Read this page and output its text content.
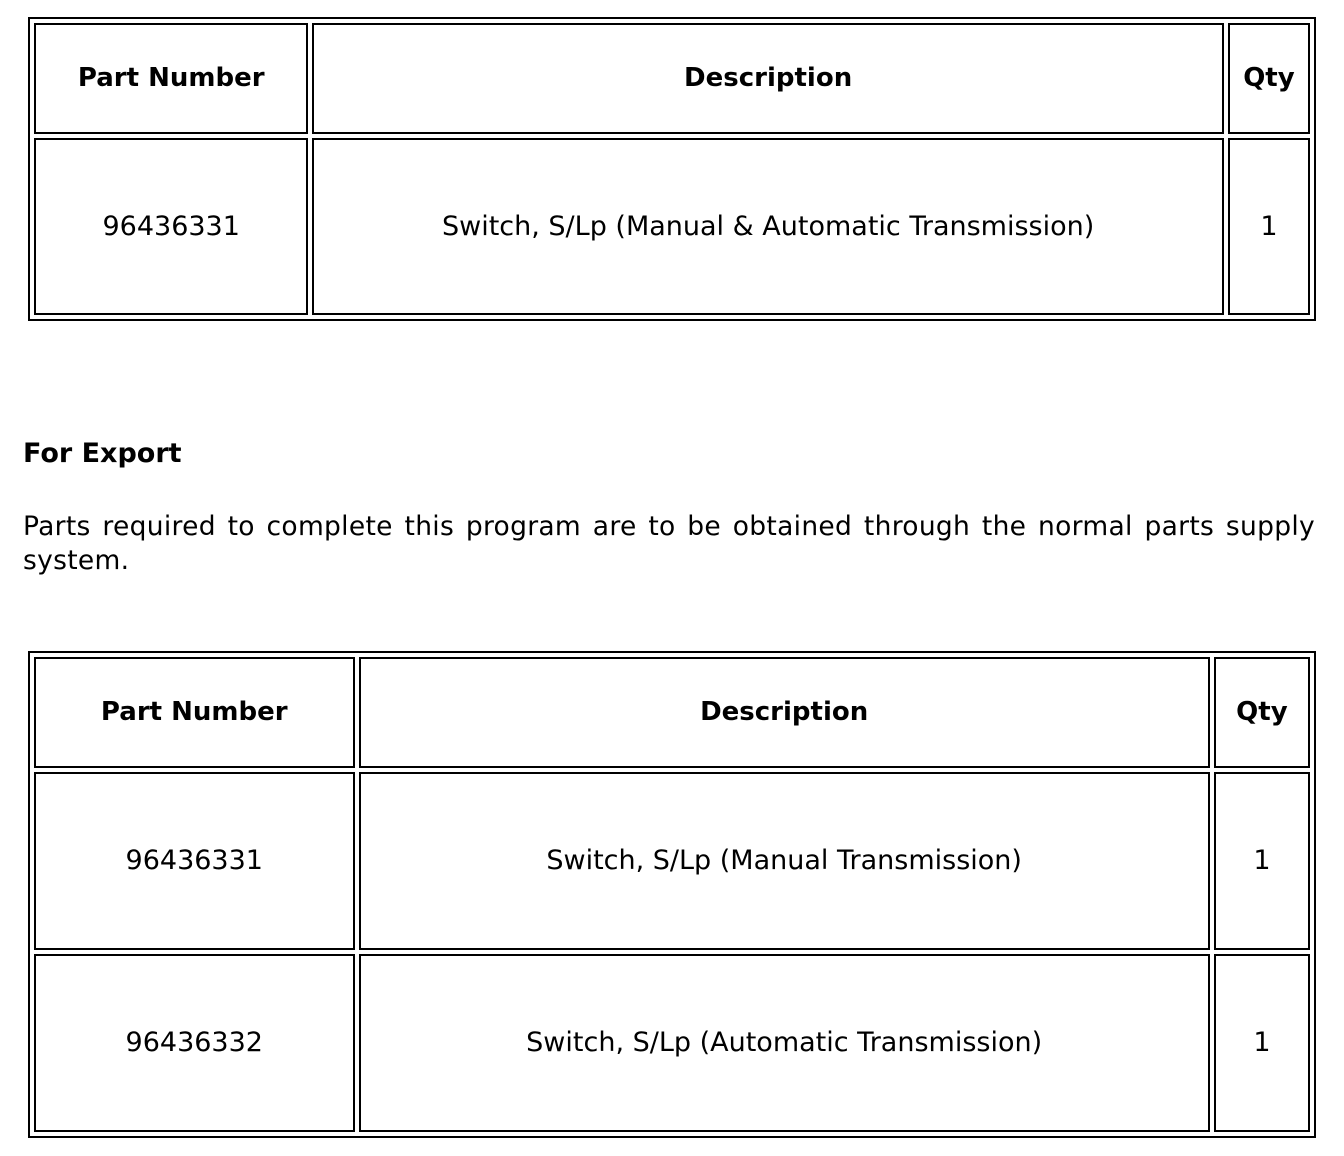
Part Number	Description	Qty
96436331	Switch, S/Lp (Manual & Automatic Transmission)	1
For Export

Parts required to complete this program are to be obtained through the normal parts supply system.

Part Number	Description	Qty
96436331	Switch, S/Lp (Manual Transmission)	1
96436332	Switch, S/Lp (Automatic Transmission)	1
